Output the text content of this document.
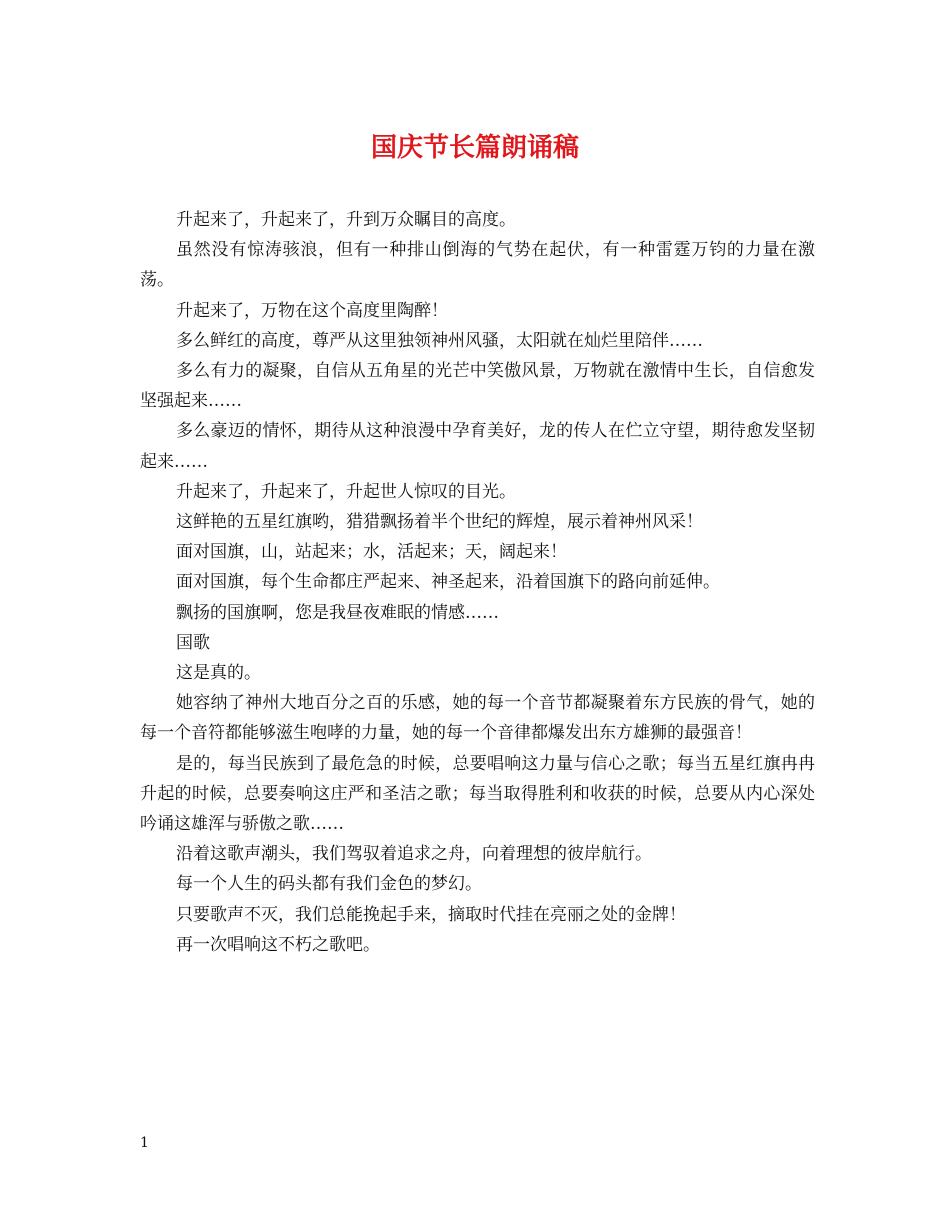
国庆节长篇朗诵稿

升起来了，升起来了，升到万众瞩目的高度。

虽然没有惊涛骇浪，但有一种排山倒海的气势在起伏，有一种雷霆万钧的力量在激荡。

升起来了，万物在这个高度里陶醉！

多么鲜红的高度，尊严从这里独领神州风骚，太阳就在灿烂里陪伴……

多么有力的凝聚，自信从五角星的光芒中笑傲风景，万物就在激情中生长，自信愈发坚强起来……

多么豪迈的情怀，期待从这种浪漫中孕育美好，龙的传人在伫立守望，期待愈发坚韧起来……

升起来了，升起来了，升起世人惊叹的目光。

这鲜艳的五星红旗哟，猎猎飘扬着半个世纪的辉煌，展示着神州风采！

面对国旗，山，站起来；水，活起来；天，阔起来！

面对国旗，每个生命都庄严起来、神圣起来，沿着国旗下的路向前延伸。

飘扬的国旗啊，您是我昼夜难眠的情感……

国歌

这是真的。

她容纳了神州大地百分之百的乐感，她的每一个音节都凝聚着东方民族的骨气，她的每一个音符都能够滋生咆哮的力量，她的每一个音律都爆发出东方雄狮的最强音！

是的，每当民族到了最危急的时候，总要唱响这力量与信心之歌；每当五星红旗冉冉升起的时候，总要奏响这庄严和圣洁之歌；每当取得胜利和收获的时候，总要从内心深处吟诵这雄浑与骄傲之歌……

沿着这歌声潮头，我们驾驭着追求之舟，向着理想的彼岸航行。

每一个人生的码头都有我们金色的梦幻。

只要歌声不灭，我们总能挽起手来，摘取时代挂在亮丽之处的金牌！

再一次唱响这不朽之歌吧。

1
